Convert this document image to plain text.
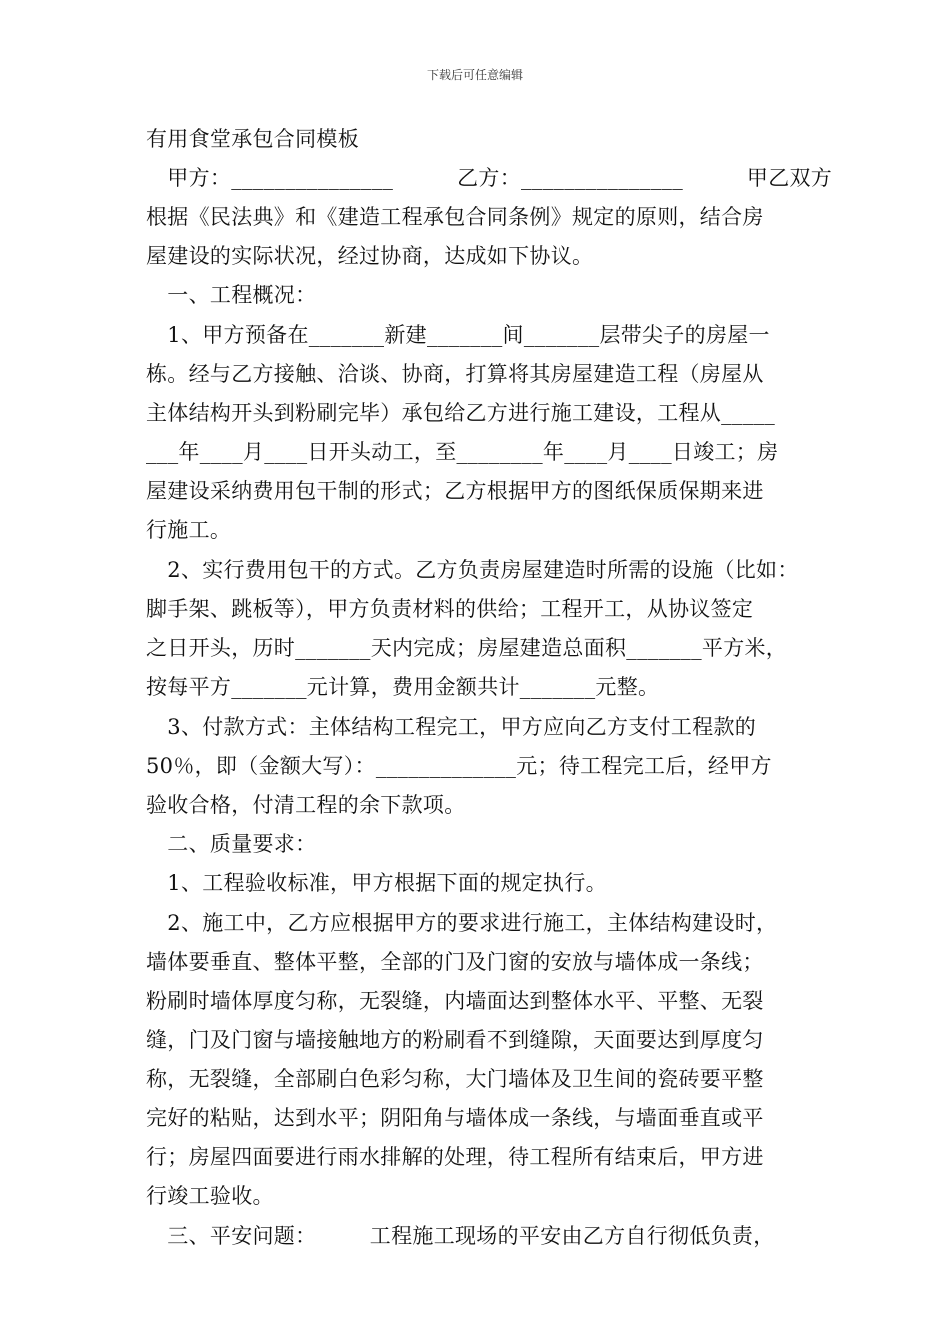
下载后可任意编辑
有用食堂承包合同模板
　甲方：_______________　　　乙方：_______________　　　甲乙双方
根据《民法典》和《建造工程承包合同条例》规定的原则，结合房
屋建设的实际状况，经过协商，达成如下协议。
　一、工程概况：
　1、甲方预备在_______新建_______间_______层带尖子的房屋一
栋。经与乙方接触、洽谈、协商，打算将其房屋建造工程（房屋从
主体结构开头到粉刷完毕）承包给乙方进行施工建设，工程从_____
___年____月____日开头动工，至________年____月____日竣工；房
屋建设采纳费用包干制的形式；乙方根据甲方的图纸保质保期来进
行施工。
　2、实行费用包干的方式。乙方负责房屋建造时所需的设施（比如：
脚手架、跳板等），甲方负责材料的供给；工程开工，从协议签定
之日开头，历时_______天内完成；房屋建造总面积_______平方米，
按每平方_______元计算，费用金额共计_______元整。
　3、付款方式：主体结构工程完工，甲方应向乙方支付工程款的
50％，即（金额大写）：_____________元；待工程完工后，经甲方
验收合格，付清工程的余下款项。
　二、质量要求：
　1、工程验收标准，甲方根据下面的规定执行。
　2、施工中，乙方应根据甲方的要求进行施工，主体结构建设时，
墙体要垂直、整体平整，全部的门及门窗的安放与墙体成一条线；
粉刷时墙体厚度匀称，无裂缝，内墙面达到整体水平、平整、无裂
缝，门及门窗与墙接触地方的粉刷看不到缝隙，天面要达到厚度匀
称，无裂缝，全部刷白色彩匀称，大门墙体及卫生间的瓷砖要平整
完好的粘贴，达到水平；阴阳角与墙体成一条线，与墙面垂直或平
行；房屋四面要进行雨水排解的处理，待工程所有结束后，甲方进
行竣工验收。
　三、平安问题：　　　工程施工现场的平安由乙方自行彻低负责，
